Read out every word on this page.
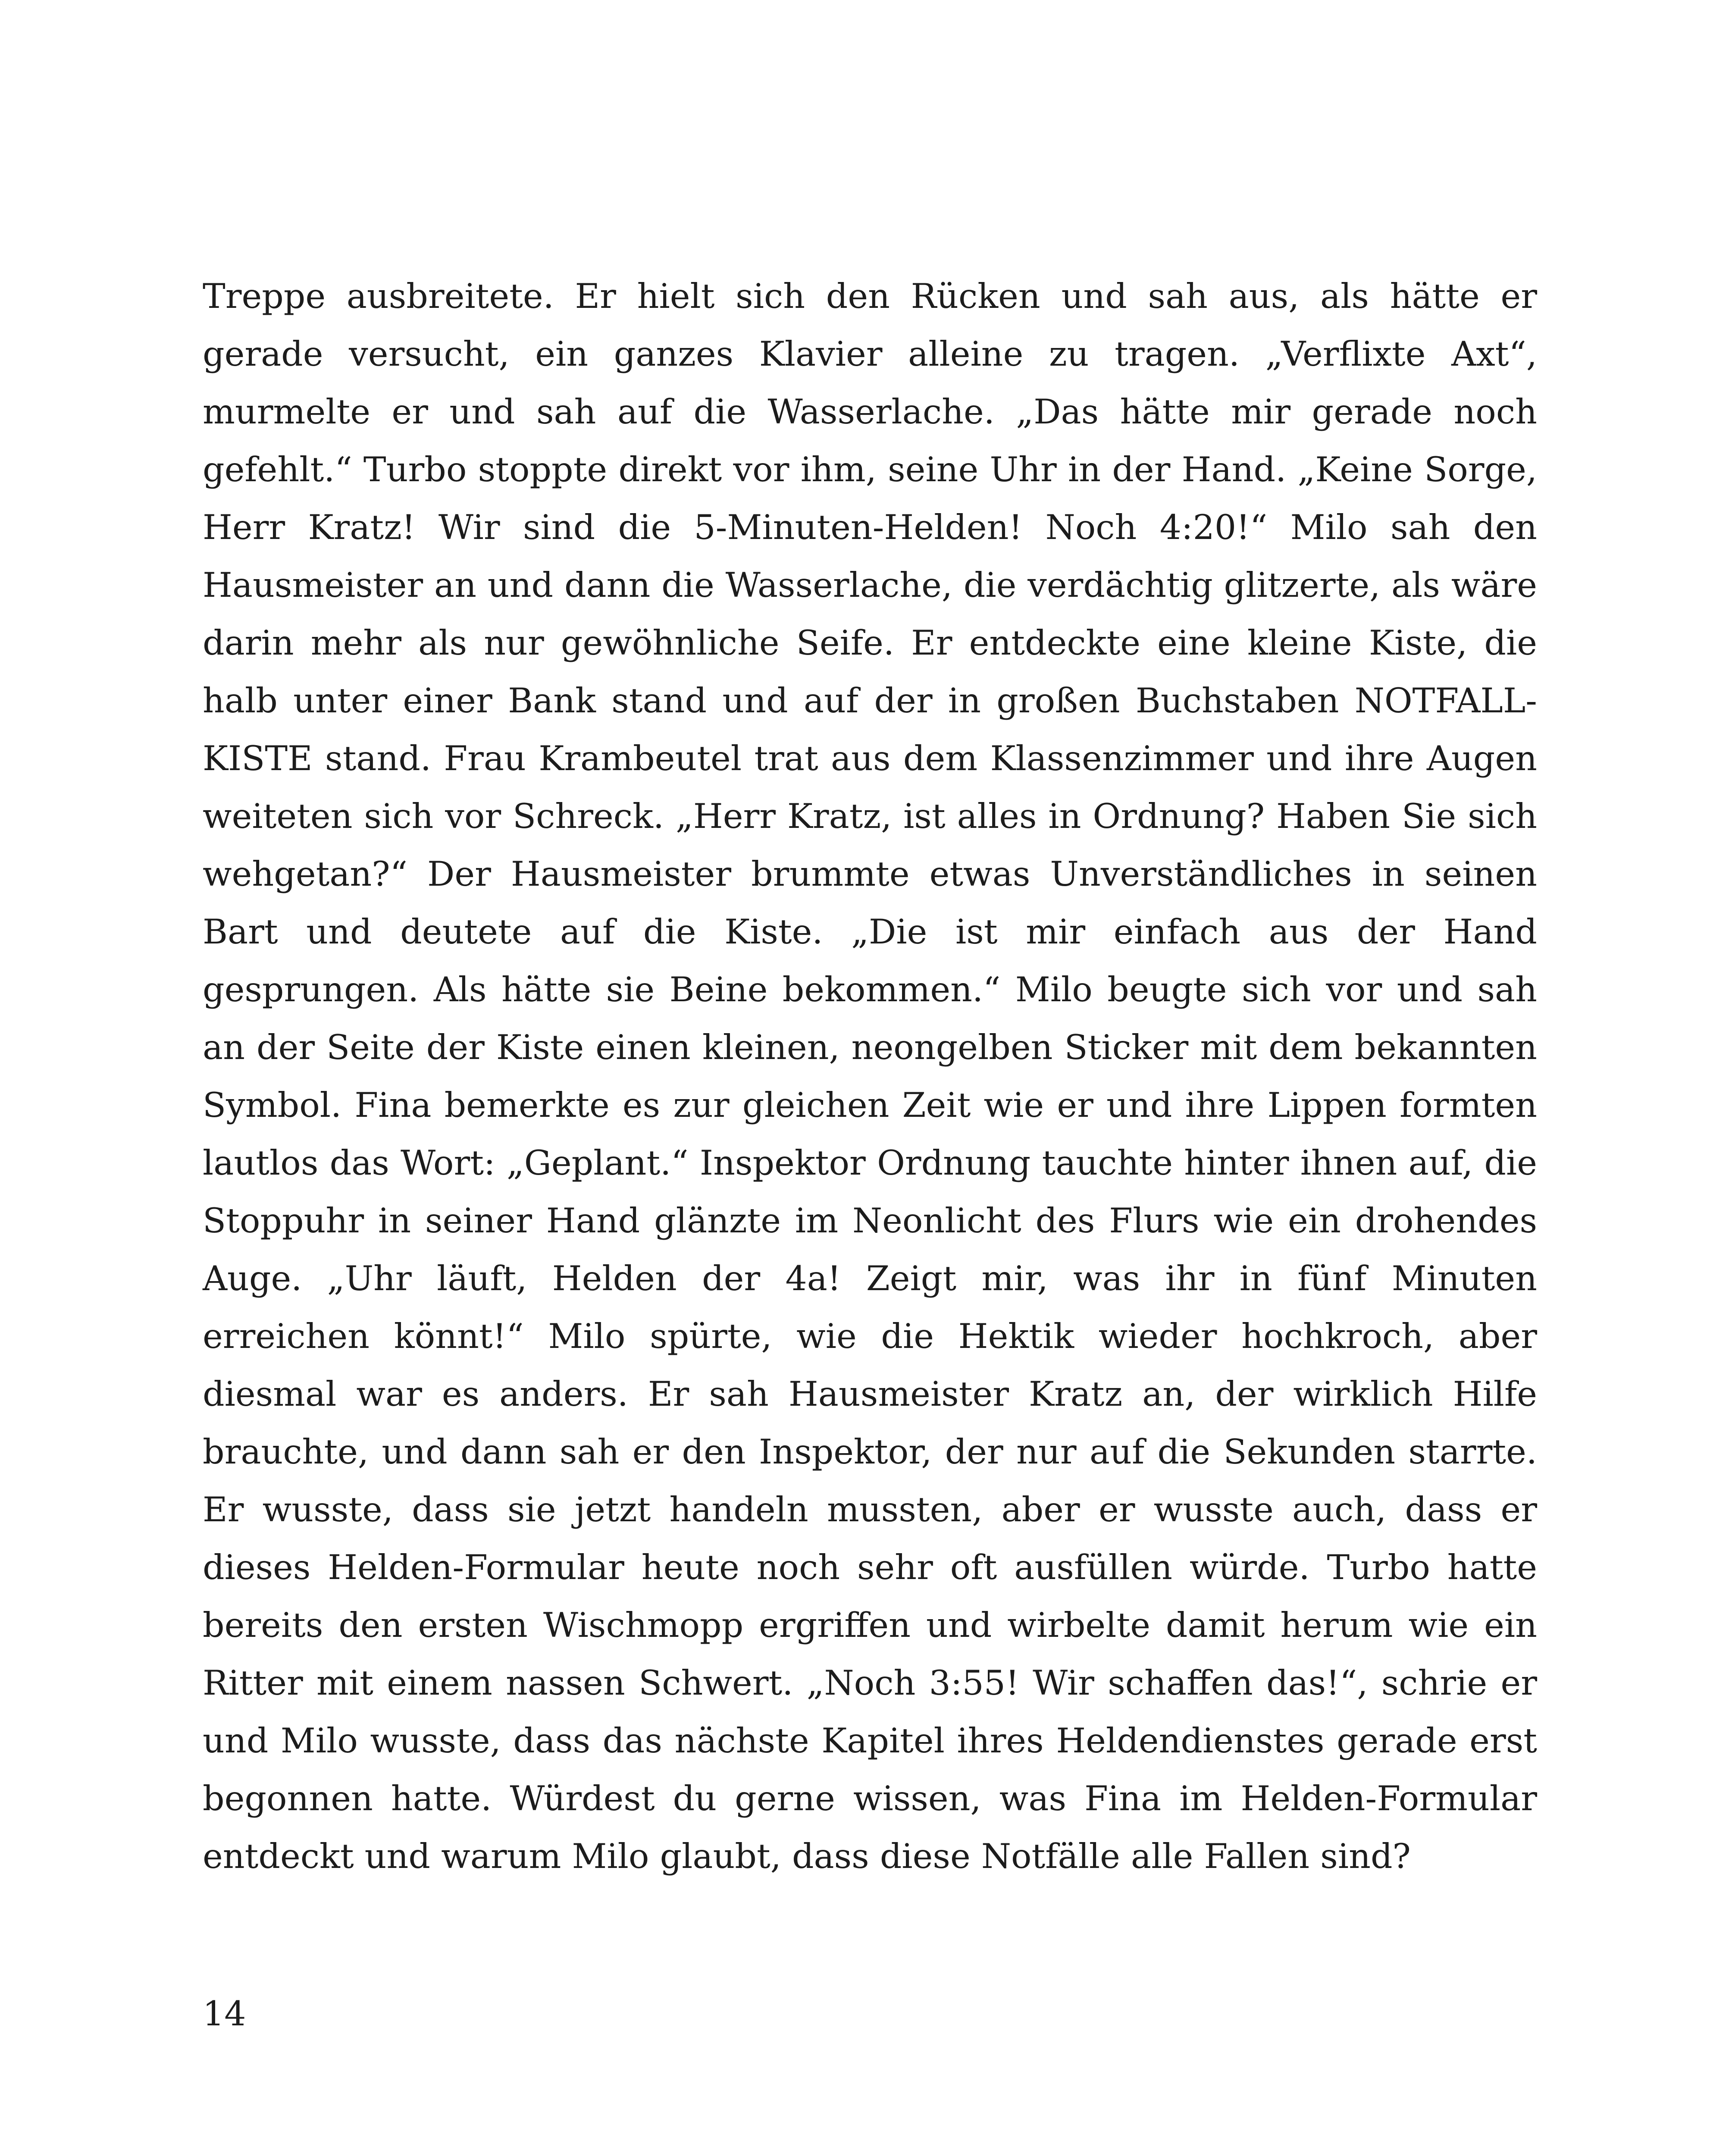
Treppe ausbreitete. Er hielt sich den Rücken und sah aus, als hätte er gerade versucht, ein ganzes Klavier alleine zu tragen. „Verflixte Axt“, murmelte er und sah auf die Wasserlache. „Das hätte mir gerade noch gefehlt.“ Turbo stoppte direkt vor ihm, seine Uhr in der Hand. „Keine Sorge, Herr Kratz! Wir sind die 5-Minuten-Helden! Noch 4:20!“ Milo sah den Hausmeister an und dann die Wasserlache, die verdächtig glitzerte, als wäre darin mehr als nur gewöhnliche Seife. Er entdeckte eine kleine Kiste, die halb unter einer Bank stand und auf der in großen Buchstaben NOTFALL-KISTE stand. Frau Krambeutel trat aus dem Klassenzimmer und ihre Augen weiteten sich vor Schreck. „Herr Kratz, ist alles in Ordnung? Haben Sie sich wehgetan?“ Der Hausmeister brummte etwas Unverständliches in seinen Bart und deutete auf die Kiste. „Die ist mir einfach aus der Hand gesprungen. Als hätte sie Beine bekommen.“ Milo beugte sich vor und sah an der Seite der Kiste einen kleinen, neongelben Sticker mit dem bekannten Symbol. Fina bemerkte es zur gleichen Zeit wie er und ihre Lippen formten lautlos das Wort: „Geplant.“ Inspektor Ordnung tauchte hinter ihnen auf, die Stoppuhr in seiner Hand glänzte im Neonlicht des Flurs wie ein drohendes Auge. „Uhr läuft, Helden der 4a! Zeigt mir, was ihr in fünf Minuten erreichen könnt!“ Milo spürte, wie die Hektik wieder hochkroch, aber diesmal war es anders. Er sah Hausmeister Kratz an, der wirklich Hilfe brauchte, und dann sah er den Inspektor, der nur auf die Sekunden starrte. Er wusste, dass sie jetzt handeln mussten, aber er wusste auch, dass er dieses Helden-Formular heute noch sehr oft ausfüllen würde. Turbo hatte bereits den ersten Wischmopp ergriffen und wirbelte damit herum wie ein Ritter mit einem nassen Schwert. „Noch 3:55! Wir schaffen das!“, schrie er und Milo wusste, dass das nächste Kapitel ihres Heldendienstes gerade erst begonnen hatte. Würdest du gerne wissen, was Fina im Helden-Formular entdeckt und warum Milo glaubt, dass diese Notfälle alle Fallen sind?

14
